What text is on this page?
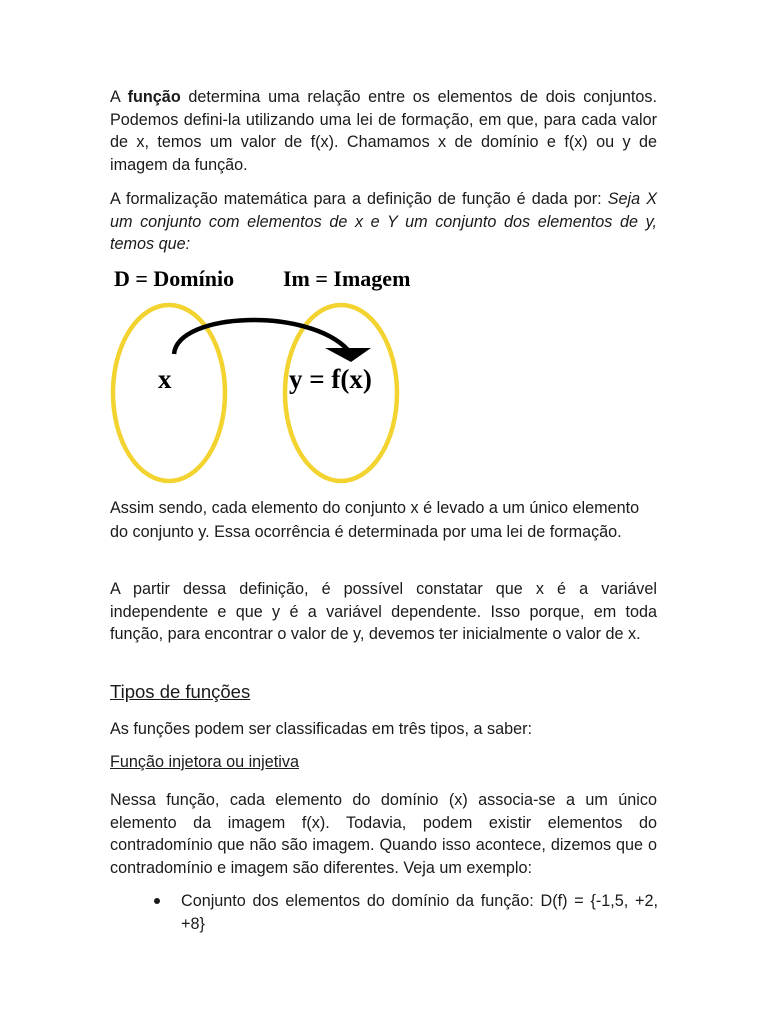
A função determina uma relação entre os elementos de dois conjuntos. Podemos defini-la utilizando uma lei de formação, em que, para cada valor de x, temos um valor de f(x). Chamamos x de domínio e f(x) ou y de imagem da função.

A formalização matemática para a definição de função é dada por: Seja X um conjunto com elementos de x e Y um conjunto dos elementos de y, temos que:

D = Domínio Im = Imagem
x	y = f(x)

Assim sendo, cada elemento do conjunto x é levado a um único elemento do conjunto y. Essa ocorrência é determinada por uma lei de formação.

A partir dessa definição, é possível constatar que x é a variável independente e que y é a variável dependente. Isso porque, em toda função, para encontrar o valor de y, devemos ter inicialmente o valor de x.

Tipos de funções

As funções podem ser classificadas em três tipos, a saber:

Função injetora ou injetiva

Nessa função, cada elemento do domínio (x) associa-se a um único elemento da imagem f(x). Todavia, podem existir elementos do contradomínio que não são imagem. Quando isso acontece, dizemos que o contradomínio e imagem são diferentes. Veja um exemplo:

Conjunto dos elementos do domínio da função: D(f) = {-1,5, +2, +8}
